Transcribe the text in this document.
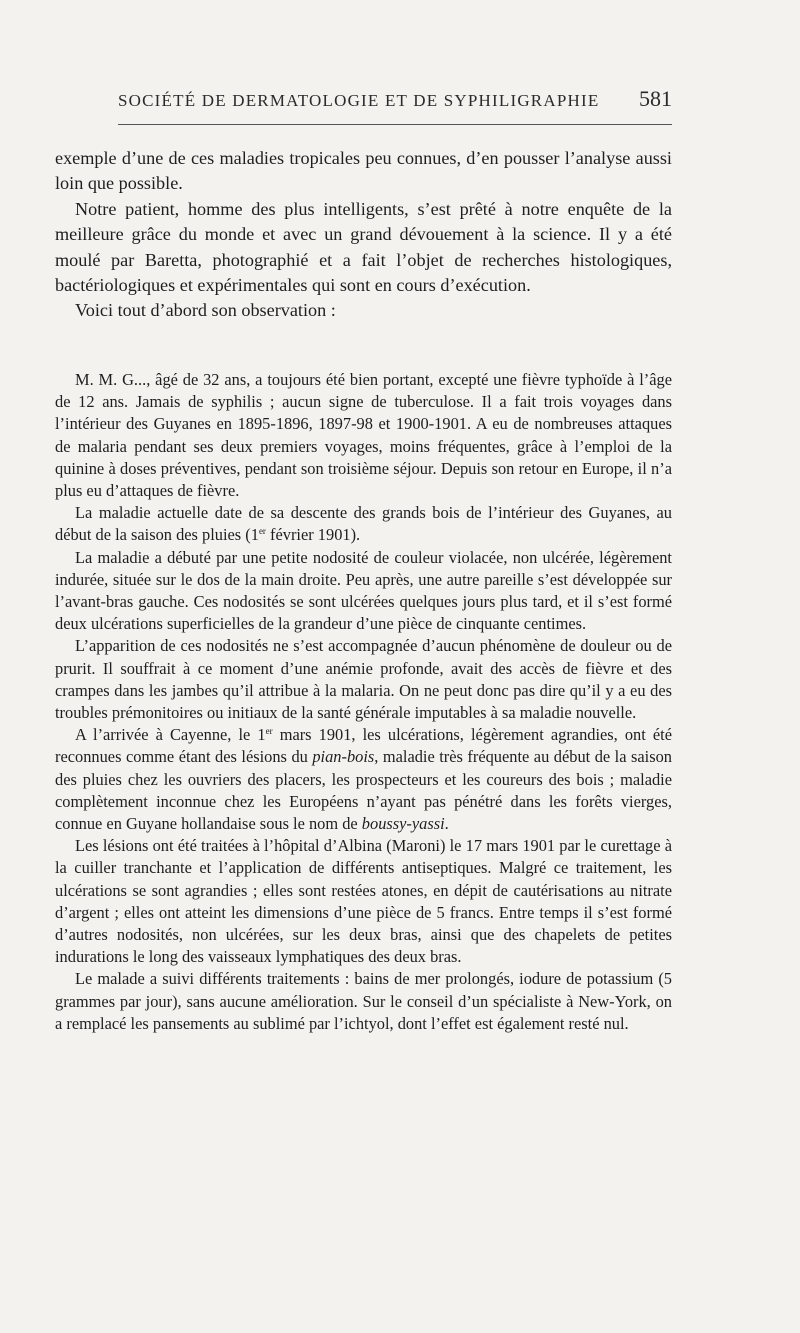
SOCIÉTÉ DE DERMATOLOGIE ET DE SYPHILIGRAPHIE 581

exemple d’une de ces maladies tropicales peu connues, d’en pousser l’analyse aussi loin que possible.

Notre patient, homme des plus intelligents, s’est prêté à notre enquête de la meilleure grâce du monde et avec un grand dévouement à la science. Il y a été moulé par Baretta, photographié et a fait l’objet de recherches histologiques, bactériologiques et expérimentales qui sont en cours d’exécution.

Voici tout d’abord son observation :

M. M. G..., âgé de 32 ans, a toujours été bien portant, excepté une fièvre typhoïde à l’âge de 12 ans. Jamais de syphilis ; aucun signe de tuberculose. Il a fait trois voyages dans l’intérieur des Guyanes en 1895-1896, 1897-98 et 1900-1901. A eu de nombreuses attaques de malaria pendant ses deux premiers voyages, moins fréquentes, grâce à l’emploi de la quinine à doses préventives, pendant son troisième séjour. Depuis son retour en Europe, il n’a plus eu d’attaques de fièvre.

La maladie actuelle date de sa descente des grands bois de l’intérieur des Guyanes, au début de la saison des pluies (1er février 1901).

La maladie a débuté par une petite nodosité de couleur violacée, non ulcérée, légèrement indurée, située sur le dos de la main droite. Peu après, une autre pareille s’est développée sur l’avant-bras gauche. Ces nodosités se sont ulcérées quelques jours plus tard, et il s’est formé deux ulcérations superficielles de la grandeur d’une pièce de cinquante centimes.

L’apparition de ces nodosités ne s’est accompagnée d’aucun phénomène de douleur ou de prurit. Il souffrait à ce moment d’une anémie profonde, avait des accès de fièvre et des crampes dans les jambes qu’il attribue à la malaria. On ne peut donc pas dire qu’il y a eu des troubles prémonitoires ou initiaux de la santé générale imputables à sa maladie nouvelle.

A l’arrivée à Cayenne, le 1er mars 1901, les ulcérations, légèrement agrandies, ont été reconnues comme étant des lésions du pian-bois, maladie très fréquente au début de la saison des pluies chez les ouvriers des placers, les prospecteurs et les coureurs des bois ; maladie complètement inconnue chez les Européens n’ayant pas pénétré dans les forêts vierges, connue en Guyane hollandaise sous le nom de boussy-yassi.

Les lésions ont été traitées à l’hôpital d’Albina (Maroni) le 17 mars 1901 par le curettage à la cuiller tranchante et l’application de différents antiseptiques. Malgré ce traitement, les ulcérations se sont agrandies ; elles sont restées atones, en dépit de cautérisations au nitrate d’argent ; elles ont atteint les dimensions d’une pièce de 5 francs. Entre temps il s’est formé d’autres nodosités, non ulcérées, sur les deux bras, ainsi que des chapelets de petites indurations le long des vaisseaux lymphatiques des deux bras.

Le malade a suivi différents traitements : bains de mer prolongés, iodure de potassium (5 grammes par jour), sans aucune amélioration. Sur le conseil d’un spécialiste à New-York, on a remplacé les pansements au sublimé par l’ichtyol, dont l’effet est également resté nul.
